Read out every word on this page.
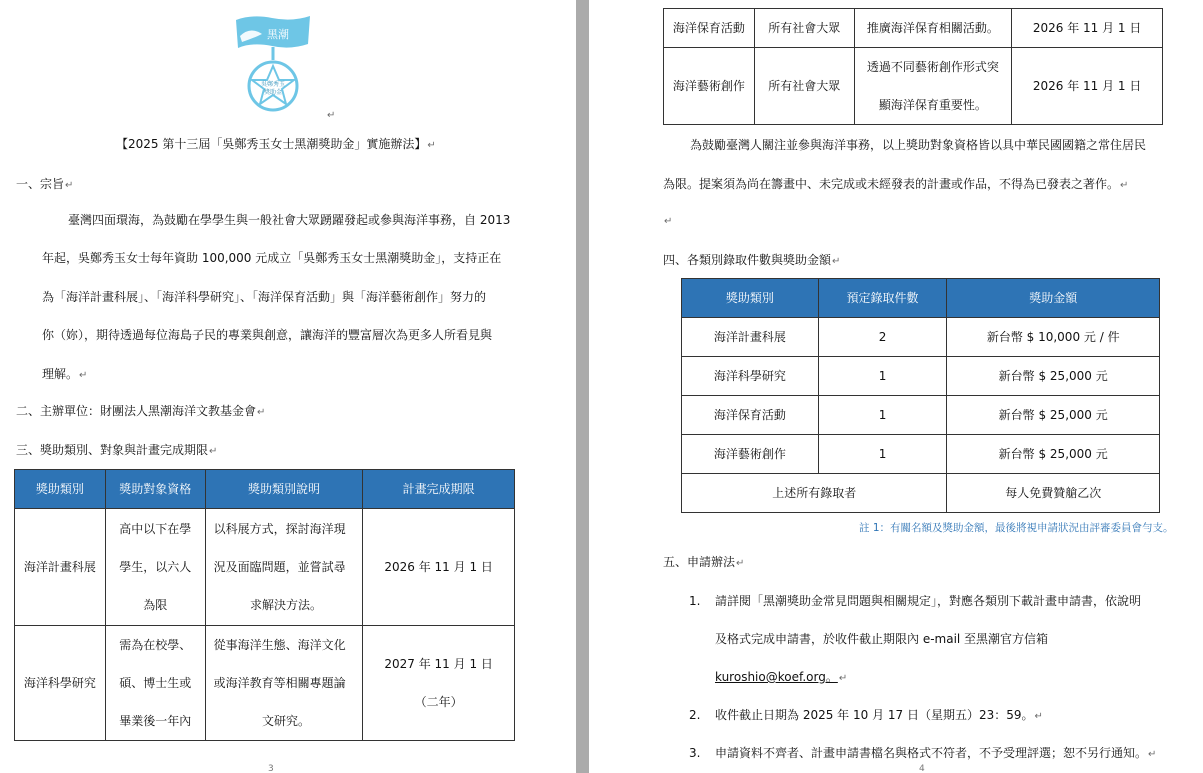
黑潮
吳鄭秀玉
獎助金
↵
【2025 第十三屆「吳鄭秀玉女士黑潮獎助金」實施辦法】↵
一、宗旨↵
臺灣四面環海，為鼓勵在學學生與一般社會大眾踴躍發起或參與海洋事務，自 2013
年起，吳鄭秀玉女士每年資助 100,000 元成立「吳鄭秀玉女士黑潮獎助金」，支持正在
為「海洋計畫科展」、「海洋科學研究」、「海洋保育活動」與「海洋藝術創作」努力的
你（妳），期待透過每位海島子民的專業與創意，讓海洋的豐富層次為更多人所看見與
理解。↵
二、主辦單位：財團法人黑潮海洋文教基金會↵
三、獎助類別、對象與計畫完成期限↵
獎助類別	獎助對象資格	獎助類別說明	計畫完成期限
海洋計畫科展	高中以下在學
學生，以六人
為限	以科展方式，探討海洋現
況及面臨問題，並嘗試尋
求解決方法。	2026 年 11 月 1 日
海洋科學研究	需為在校學、
碩、博士生或
畢業後一年內	從事海洋生態、海洋文化
或海洋教育等相關專題論
文研究。	2027 年 11 月 1 日
（二年）
3
海洋保育活動	所有社會大眾	推廣海洋保育相關活動。	2026 年 11 月 1 日
海洋藝術創作	所有社會大眾	透過不同藝術創作形式突
顯海洋保育重要性。	2026 年 11 月 1 日
為鼓勵臺灣人關注並參與海洋事務，以上獎助對象資格皆以具中華民國國籍之常住居民
為限。提案須為尚在籌畫中、未完成或未經發表的計畫或作品，不得為已發表之著作。↵
↵
四、各類別錄取件數與獎助金額↵
獎助類別	預定錄取件數	獎助金額
海洋計畫科展	2	新台幣 $ 10,000 元 / 件
海洋科學研究	1	新台幣 $ 25,000 元
海洋保育活動	1	新台幣 $ 25,000 元
海洋藝術創作	1	新台幣 $ 25,000 元
上述所有錄取者		每人免費贊艙乙次
註 1：有關名額及獎助金額，最後將視申請狀況由評審委員會勻支。
五、申請辦法↵
1. 請詳閱「黑潮獎助金常見問題與相關規定」，對應各類別下載計畫申請書，依說明
及格式完成申請書，於收件截止期限內 e-mail 至黑潮官方信箱
kuroshio@koef.org。↵
2. 收件截止日期為 2025 年 10 月 17 日（星期五）23：59。↵
3. 申請資料不齊者、計畫申請書檔名與格式不符者，不予受理評選；恕不另行通知。↵
4
